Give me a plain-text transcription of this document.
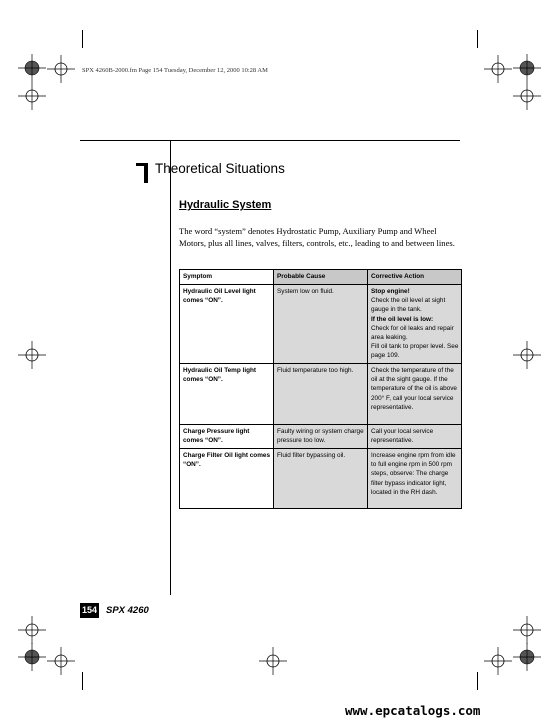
SPX 4260B-2000.fm Page 154 Tuesday, December 12, 2000 10:28 AM
Theoretical Situations
Hydraulic System
The word “system” denotes Hydrostatic Pump, Auxiliary Pump and Wheel Motors, plus all lines, valves, filters, controls, etc., leading to and between lines.
Symptom	Probable Cause	Corrective Action
Hydraulic Oil Level light comes “ON”.	System low on fluid.	Stop engine!
Check the oil level at sight gauge in the tank.
If the oil level is low:
Check for oil leaks and repair area leaking.
Fill oil tank to proper level. See page 109.

Hydraulic Oil Temp light comes “ON”.	Fluid temperature too high.	Check the temperature of the oil at the sight gauge. If the temperature of the oil is above 200° F, call your local service representative.

Charge Pressure light comes “ON”.	Faulty wiring or system charge pressure too low.	Call your local service representative.

Charge Filter Oil light comes “ON”.	Fluid filter bypassing oil.	Increase engine rpm from idle to full engine rpm in 500 rpm steps, observe: The charge filter bypass indicator light, located in the RH dash.
154 SPX 4260
www.epcatalogs.com
